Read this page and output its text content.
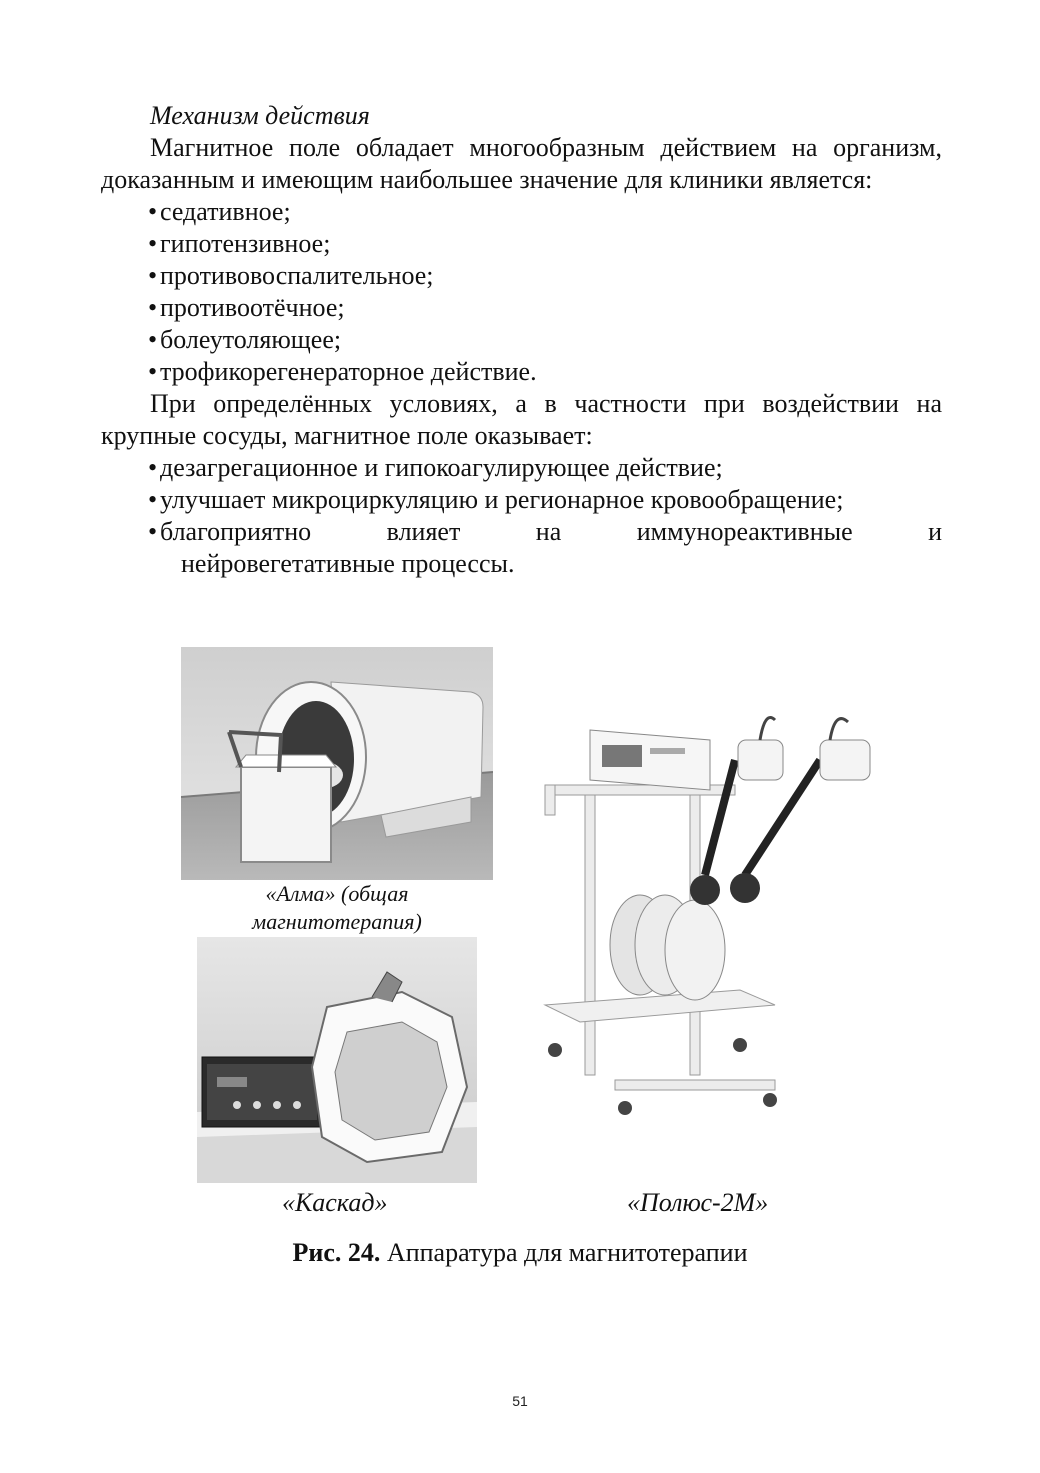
Механизм действия

Магнитное поле обладает многообразным действием на организм, доказанным и имеющим наибольшее значение для клиники является:

• седативное;
• гипотензивное;
• противовоспалительное;
• противоотёчное;
• болеутоляющее;
• трофикорегенераторное действие.

При определённых условиях, а в частности при воздействии на крупные сосуды, магнитное поле оказывает:

• дезагрегационное и гипокоагулирующее действие;
• улучшает микроциркуляцию и регионарное кровообращение;
• благоприятно влияет на иммунореактивные и
нейровегетативные процессы.
«Алма» (общая
магнитотерапия)
«Каскад»	«Полюс-2М»
Рис. 24. Аппаратура для магнитотерапии
51
